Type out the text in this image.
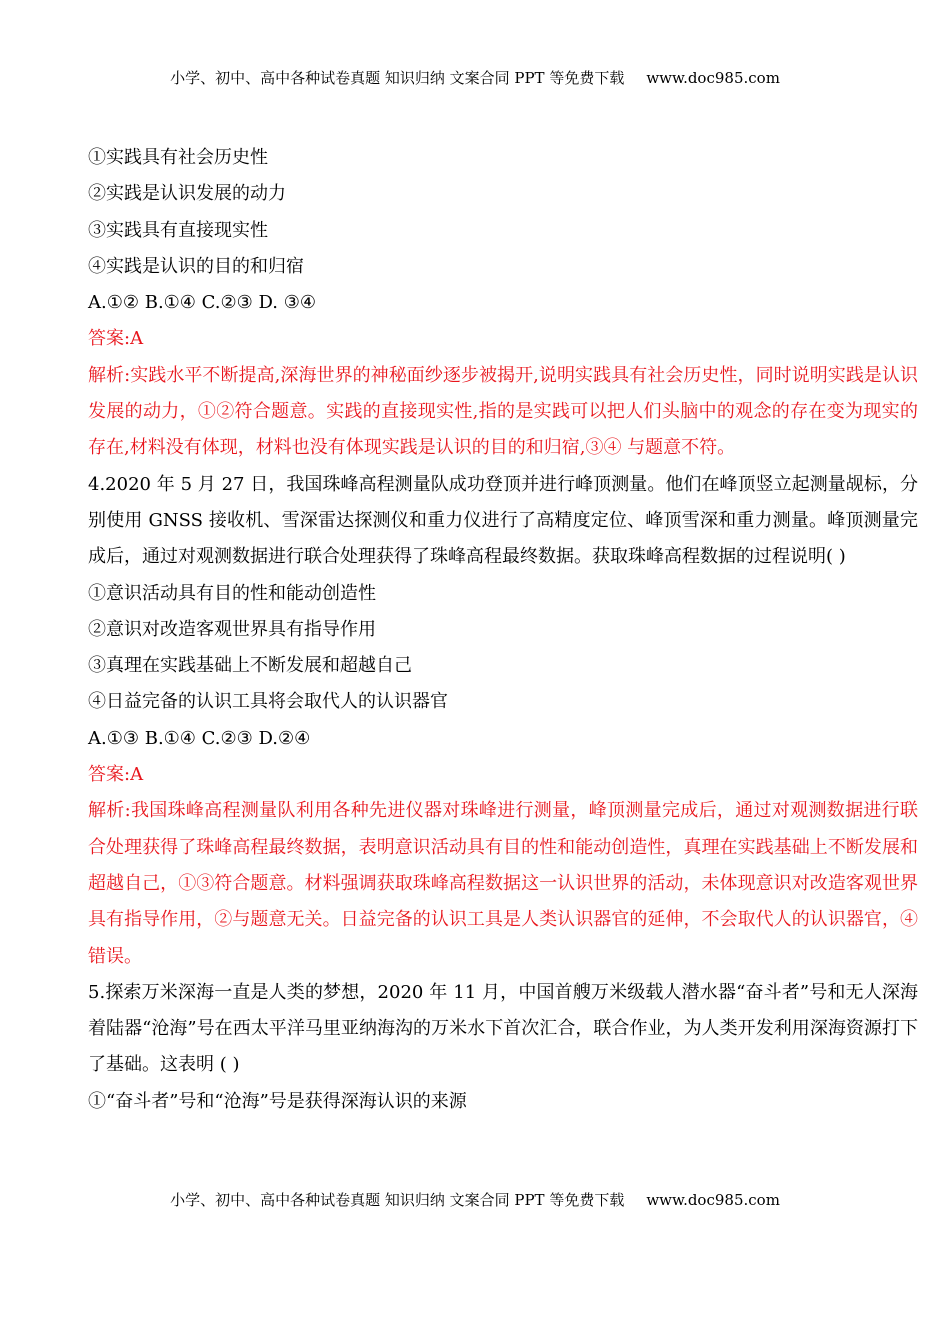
小学、初中、高中各种试卷真题 知识归纳 文案合同 PPT 等免费下载 www.doc985.com
①实践具有社会历史性
②实践是认识发展的动力
③实践具有直接现实性
④实践是认识的目的和归宿
A.①② B.①④ C.②③ D. ③④
答案:A
解析:实践水平不断提高,深海世界的神秘面纱逐步被揭开,说明实践具有社会历史性，同时说明实践是认识发展的动力，①②符合题意。实践的直接现实性,指的是实践可以把人们头脑中的观念的存在变为现实的存在,材料没有体现，材料也没有体现实践是认识的目的和归宿,③④ 与题意不符。
4.2020 年 5 月 27 日，我国珠峰高程测量队成功登顶并进行峰顶测量。他们在峰顶竖立起测量觇标，分别使用 GNSS 接收机、雪深雷达探测仪和重力仪进行了高精度定位、峰顶雪深和重力测量。峰顶测量完成后，通过对观测数据进行联合处理获得了珠峰高程最终数据。获取珠峰高程数据的过程说明( )
①意识活动具有目的性和能动创造性
②意识对改造客观世界具有指导作用
③真理在实践基础上不断发展和超越自己
④日益完备的认识工具将会取代人的认识器官
A.①③ B.①④ C.②③ D.②④
答案:A
解析:我国珠峰高程测量队利用各种先进仪器对珠峰进行测量，峰顶测量完成后，通过对观测数据进行联合处理获得了珠峰高程最终数据，表明意识活动具有目的性和能动创造性，真理在实践基础上不断发展和超越自己，①③符合题意。材料强调获取珠峰高程数据这一认识世界的活动，未体现意识对改造客观世界具有指导作用，②与题意无关。日益完备的认识工具是人类认识器官的延伸，不会取代人的认识器官，④错误。
5.探索万米深海一直是人类的梦想，2020 年 11 月，中国首艘万米级载人潜水器“奋斗者”号和无人深海着陆器“沧海”号在西太平洋马里亚纳海沟的万米水下首次汇合，联合作业，为人类开发利用深海资源打下了基础。这表明 ( )
①“奋斗者”号和“沧海”号是获得深海认识的来源
小学、初中、高中各种试卷真题 知识归纳 文案合同 PPT 等免费下载 www.doc985.com
